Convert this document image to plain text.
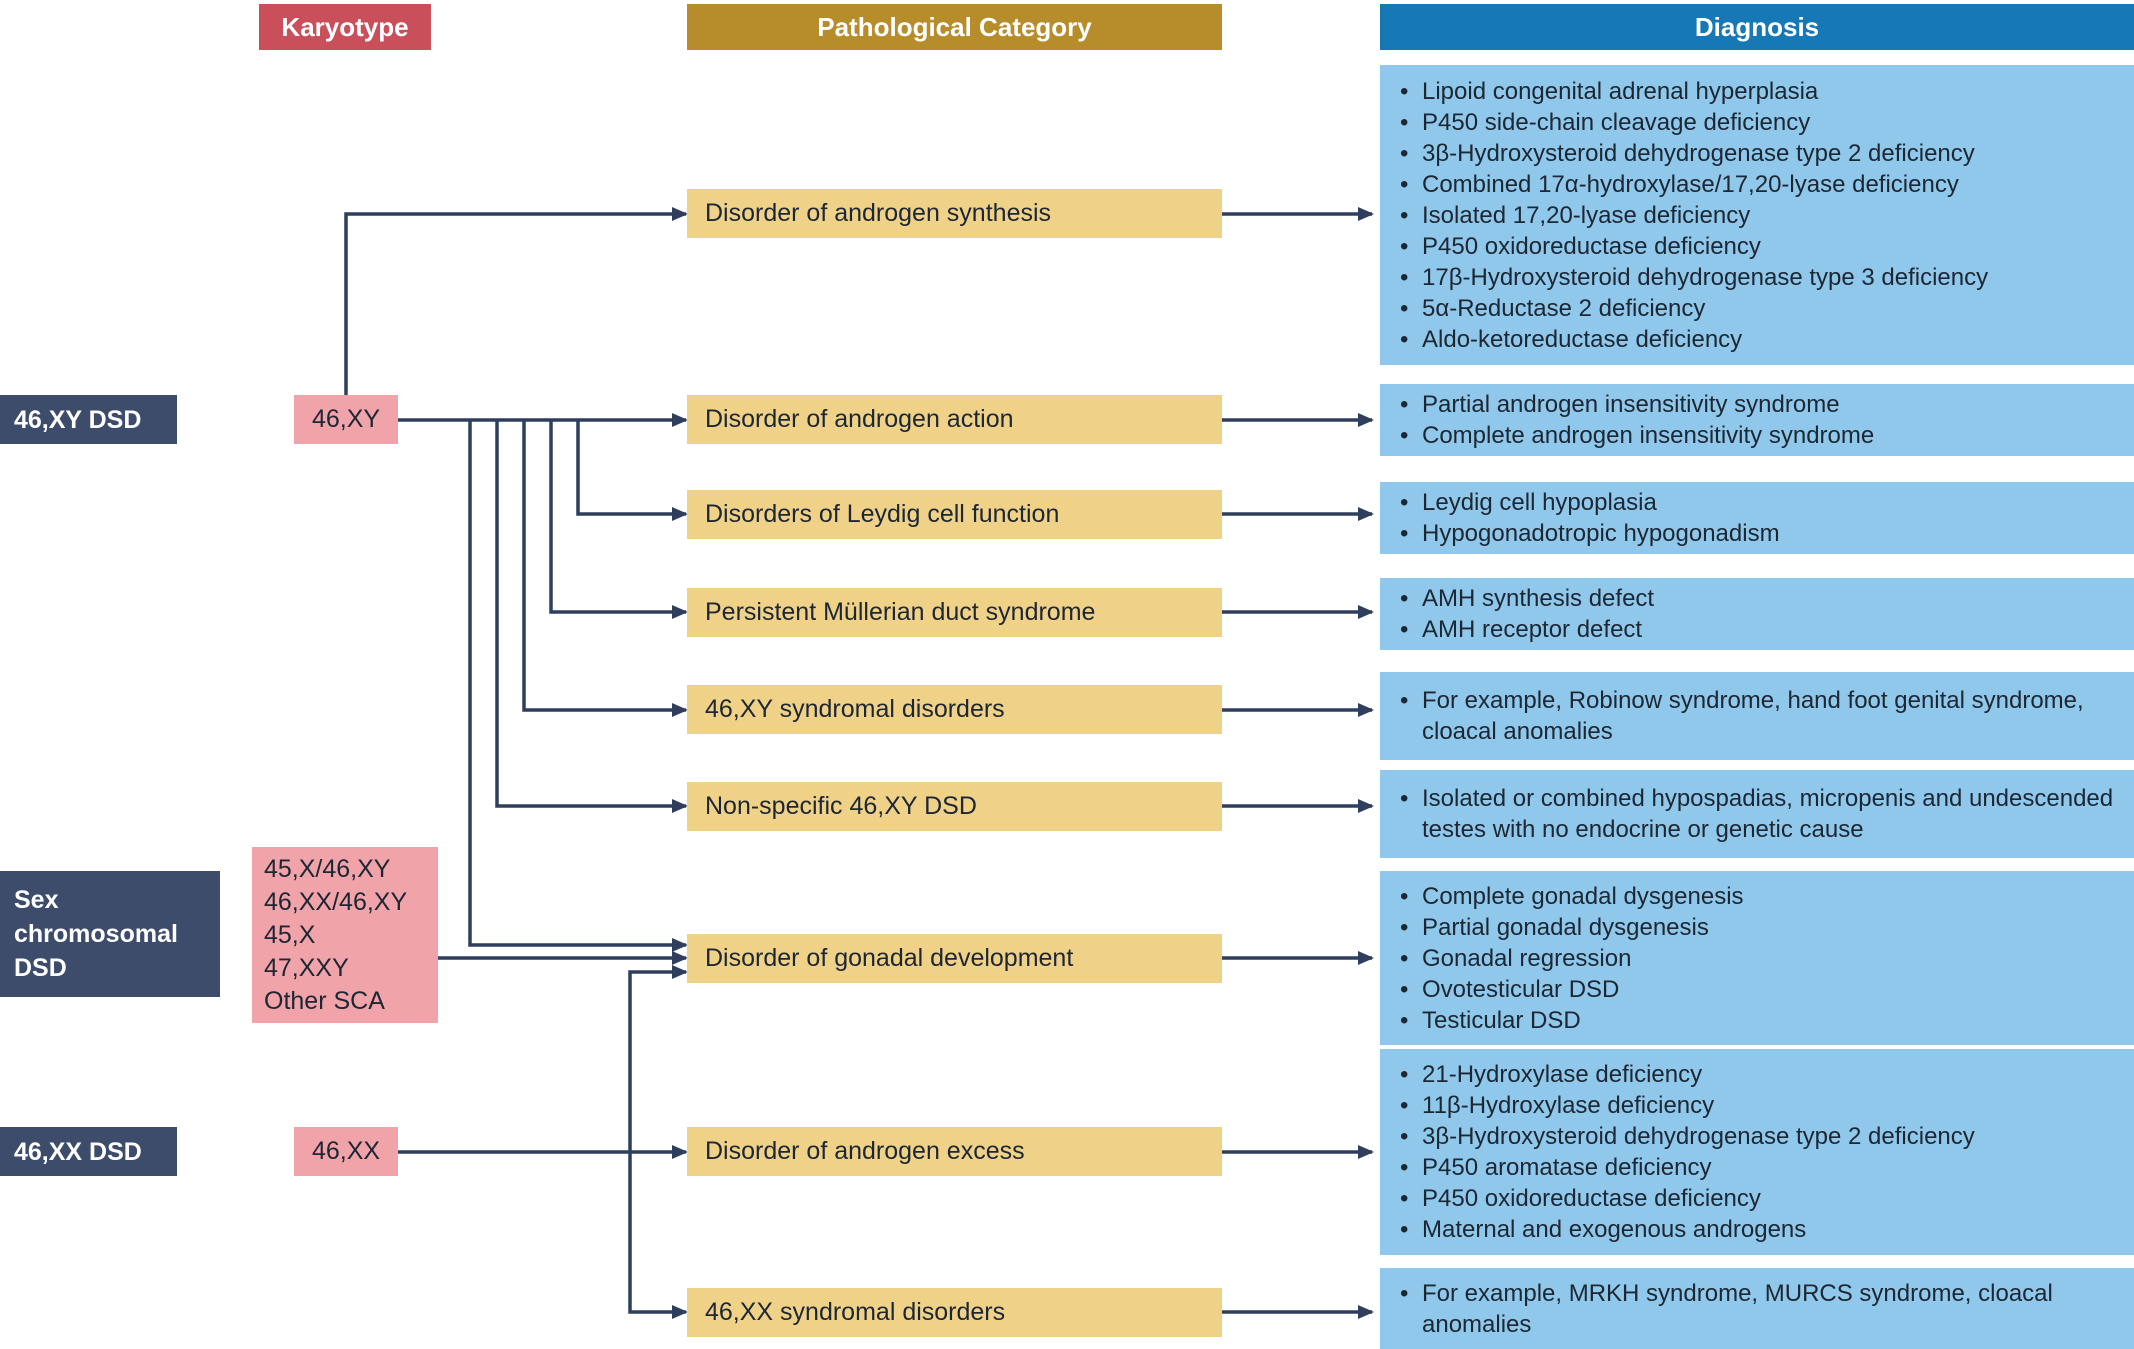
Karyotype	Pathological Category	Diagnosis
46,XY DSD
Sex
chromosomal
DSD
46,XX DSD
46,XY
45,X/46,XY
46,XX/46,XY
45,X
47,XXY
Other SCA
46,XX
Disorder of androgen synthesis
Disorder of androgen action
Disorders of Leydig cell function
Persistent Müllerian duct syndrome
46,XY syndromal disorders
Non-specific 46,XY DSD
Disorder of gonadal development
Disorder of androgen excess
46,XX syndromal disorders
• Lipoid congenital adrenal hyperplasia
• P450 side-chain cleavage deficiency
• 3β-Hydroxysteroid dehydrogenase type 2 deficiency
• Combined 17α-hydroxylase/17,20-lyase deficiency
• Isolated 17,20-lyase deficiency
• P450 oxidoreductase deficiency
• 17β-Hydroxysteroid dehydrogenase type 3 deficiency
• 5α-Reductase 2 deficiency
• Aldo-ketoreductase deficiency
• Partial androgen insensitivity syndrome
• Complete androgen insensitivity syndrome
• Leydig cell hypoplasia
• Hypogonadotropic hypogonadism
• AMH synthesis defect
• AMH receptor defect
• For example, Robinow syndrome, hand foot genital syndrome, cloacal anomalies
• Isolated or combined hypospadias, micropenis and undescended testes with no endocrine or genetic cause
• Complete gonadal dysgenesis
• Partial gonadal dysgenesis
• Gonadal regression
• Ovotesticular DSD
• Testicular DSD
• 21-Hydroxylase deficiency
• 11β-Hydroxylase deficiency
• 3β-Hydroxysteroid dehydrogenase type 2 deficiency
• P450 aromatase deficiency
• P450 oxidoreductase deficiency
• Maternal and exogenous androgens
• For example, MRKH syndrome, MURCS syndrome, cloacal anomalies
